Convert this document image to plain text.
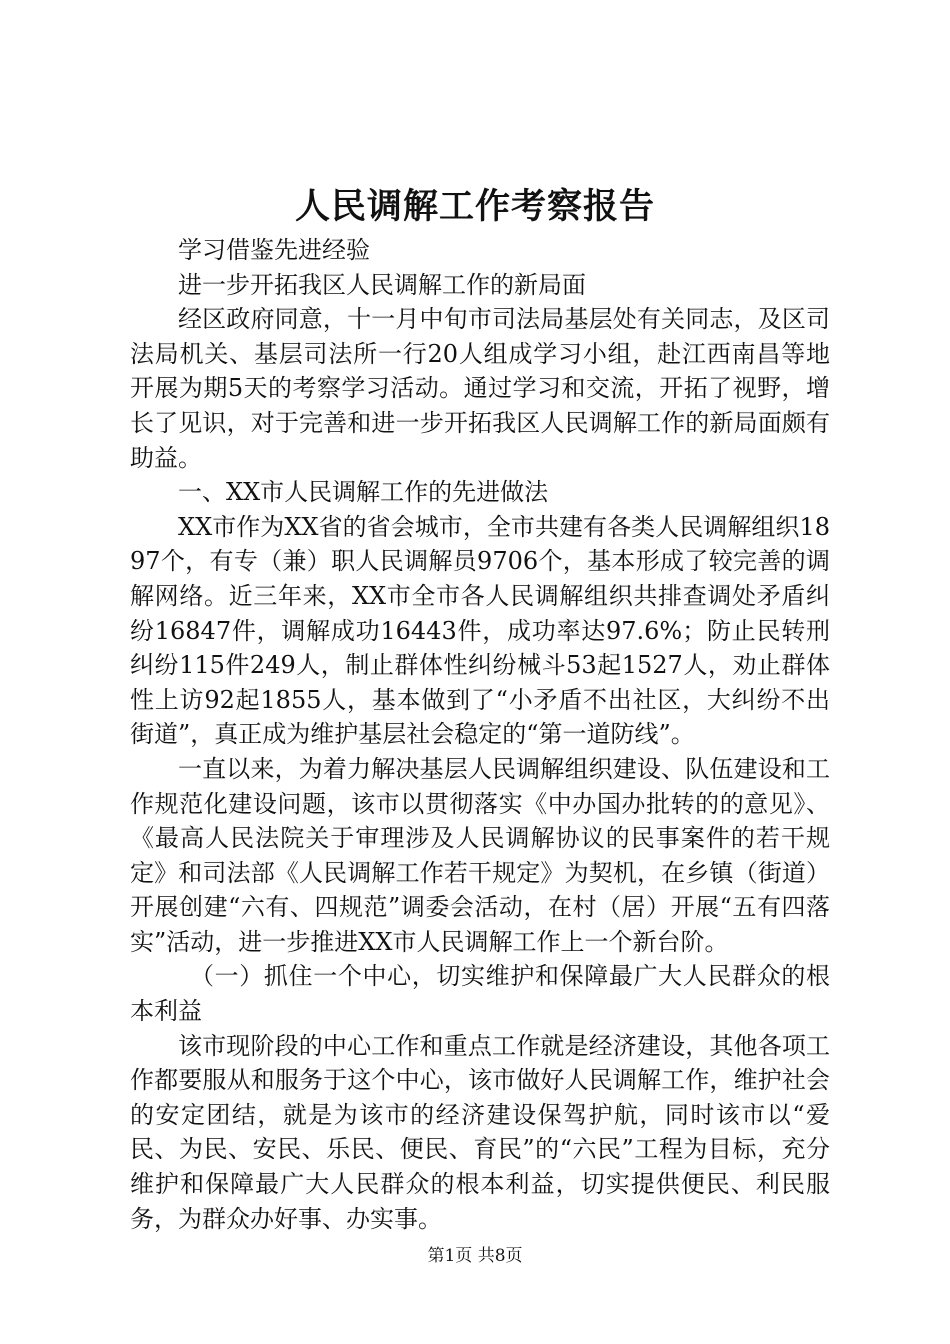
人民调解工作考察报告

学习借鉴先进经验

进一步开拓我区人民调解工作的新局面

经区政府同意，十一月中旬市司法局基层处有关同志，及区司法局机关、基层司法所一行20人组成学习小组，赴江西南昌等地开展为期5天的考察学习活动。通过学习和交流，开拓了视野，增长了见识，对于完善和进一步开拓我区人民调解工作的新局面颇有助益。

一、XX市人民调解工作的先进做法

XX市作为XX省的省会城市，全市共建有各类人民调解组织1897个，有专（兼）职人民调解员9706个，基本形成了较完善的调解网络。近三年来，XX市全市各人民调解组织共排查调处矛盾纠纷16847件，调解成功16443件，成功率达97.6%；防止民转刑纠纷115件249人，制止群体性纠纷械斗53起1527人，劝止群体性上访92起1855人，基本做到了“小矛盾不出社区，大纠纷不出街道”，真正成为维护基层社会稳定的“第一道防线”。

一直以来，为着力解决基层人民调解组织建设、队伍建设和工作规范化建设问题，该市以贯彻落实《中办国办批转的的意见》、《最高人民法院关于审理涉及人民调解协议的民事案件的若干规定》和司法部《人民调解工作若干规定》为契机，在乡镇（街道）开展创建“六有、四规范”调委会活动，在村（居）开展“五有四落实”活动，进一步推进XX市人民调解工作上一个新台阶。

（一）抓住一个中心，切实维护和保障最广大人民群众的根本利益

该市现阶段的中心工作和重点工作就是经济建设，其他各项工作都要服从和服务于这个中心，该市做好人民调解工作，维护社会的安定团结，就是为该市的经济建设保驾护航，同时该市以“爱民、为民、安民、乐民、便民、育民”的“六民”工程为目标，充分维护和保障最广大人民群众的根本利益，切实提供便民、利民服务，为群众办好事、办实事。

第1页 共8页
